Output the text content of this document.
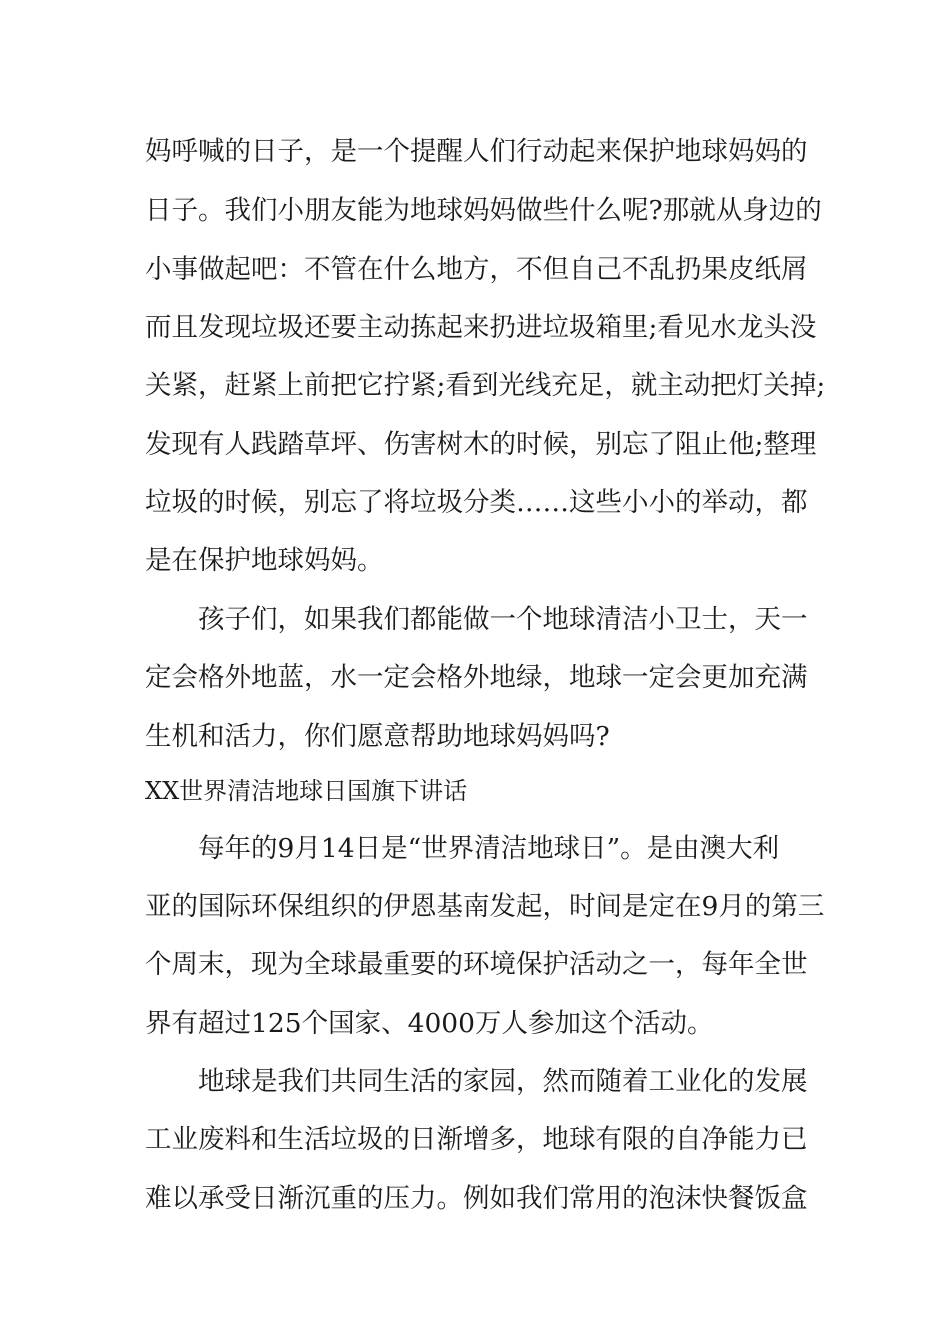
妈呼喊的日子，是一个提醒人们行动起来保护地球妈妈的
日子。我们小朋友能为地球妈妈做些什么呢?那就从身边的
小事做起吧：不管在什么地方，不但自己不乱扔果皮纸屑
而且发现垃圾还要主动拣起来扔进垃圾箱里;看见水龙头没
关紧，赶紧上前把它拧紧;看到光线充足，就主动把灯关掉;
发现有人践踏草坪、伤害树木的时候，别忘了阻止他;整理
垃圾的时候，别忘了将垃圾分类……这些小小的举动，都
是在保护地球妈妈。
孩子们，如果我们都能做一个地球清洁小卫士，天一
定会格外地蓝，水一定会格外地绿，地球一定会更加充满
生机和活力，你们愿意帮助地球妈妈吗?
XX世界清洁地球日国旗下讲话
每年的9月14日是“世界清洁地球日”。是由澳大利
亚的国际环保组织的伊恩基南发起，时间是定在9月的第三
个周末，现为全球最重要的环境保护活动之一，每年全世
界有超过125个国家、4000万人参加这个活动。
地球是我们共同生活的家园，然而随着工业化的发展
工业废料和生活垃圾的日渐增多，地球有限的自净能力已
难以承受日渐沉重的压力。例如我们常用的泡沫快餐饭盒
